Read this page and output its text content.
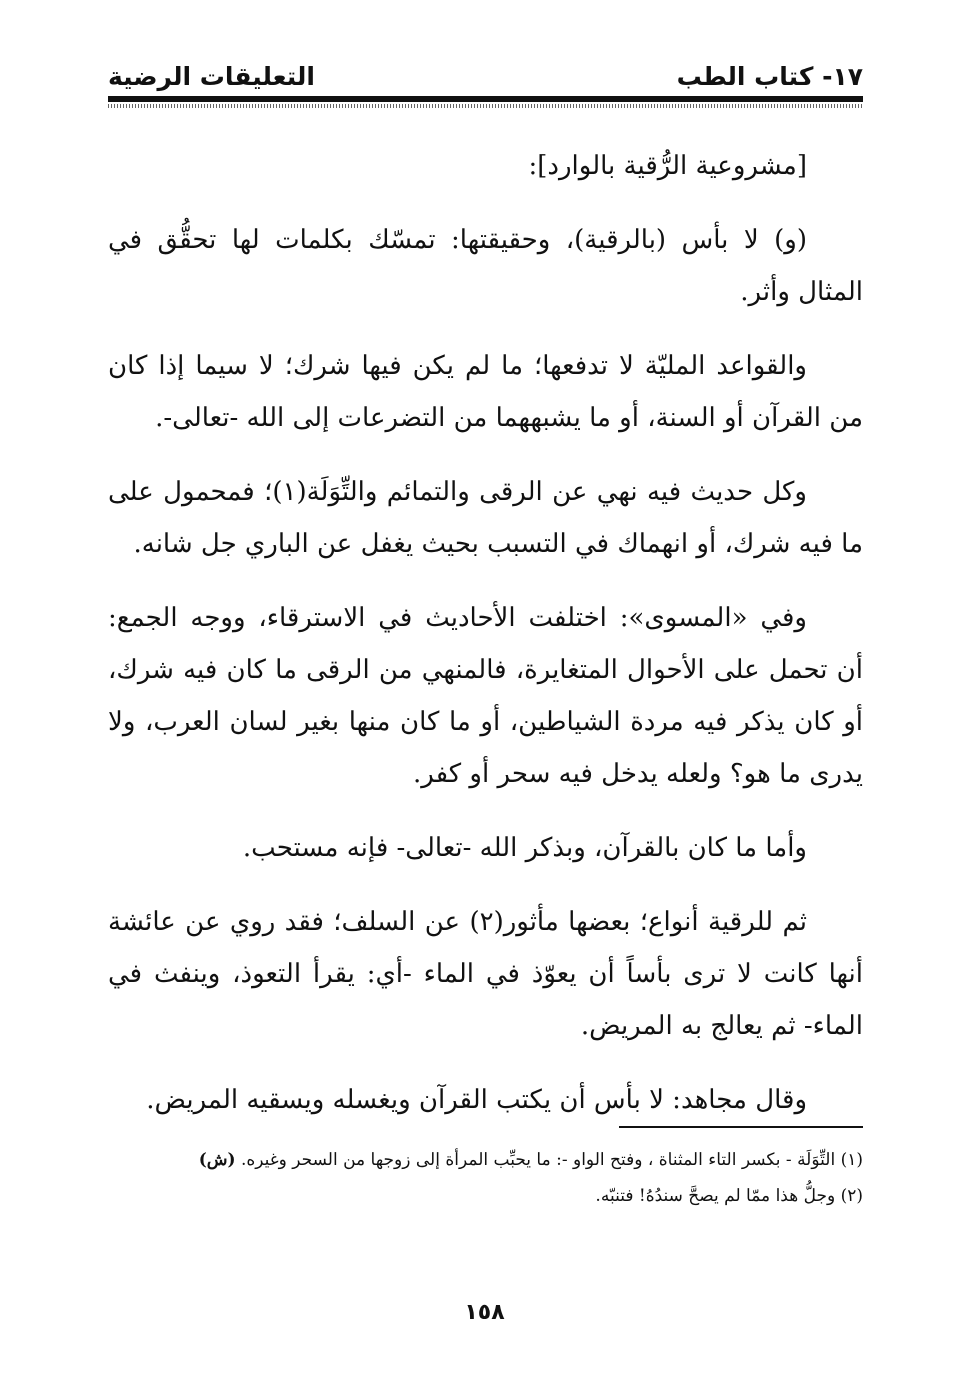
١٧- كتاب الطب
التعليقات الرضية

[مشروعية الرُّقية بالوارد]:

(و) لا بأس (بالرقية)، وحقيقتها: تمسّك بكلمات لها تحقُّق في المثال وأثر.

والقواعد المليّة لا تدفعها؛ ما لم يكن فيها شرك؛ لا سيما إذا كان من القرآن أو السنة، أو ما يشبههما من التضرعات إلى الله -تعالى-.

وكل حديث فيه نهي عن الرقى والتمائم والتِّوَلَة(١)؛ فمحمول على ما فيه شرك، أو انهماك في التسبب بحيث يغفل عن الباري جل شانه.

وفي «المسوى»: اختلفت الأحاديث في الاسترقاء، ووجه الجمع: أن تحمل على الأحوال المتغايرة، فالمنهي من الرقى ما كان فيه شرك، أو كان يذكر فيه مردة الشياطين، أو ما كان منها بغير لسان العرب، ولا يدرى ما هو؟ ولعله يدخل فيه سحر أو كفر.

وأما ما كان بالقرآن، وبذكر الله -تعالى- فإنه مستحب.

ثم للرقية أنواع؛ بعضها مأثور(٢) عن السلف؛ فقد روي عن عائشة أنها كانت لا ترى بأساً أن يعوّذ في الماء -أي: يقرأ التعوذ، وينفث في الماء- ثم يعالج به المريض.

وقال مجاهد: لا بأس أن يكتب القرآن ويغسله ويسقيه المريض.

(١) التِّوَلَة - بكسر التاء المثناة ، وفتح الواو -: ما يحبِّب المرأة إلى زوجها من السحر وغيره. (ش)

(٢) وجلُّ هذا ممّا لم يصحَّ سندُهُ! فتنبّه.

١٥٨
